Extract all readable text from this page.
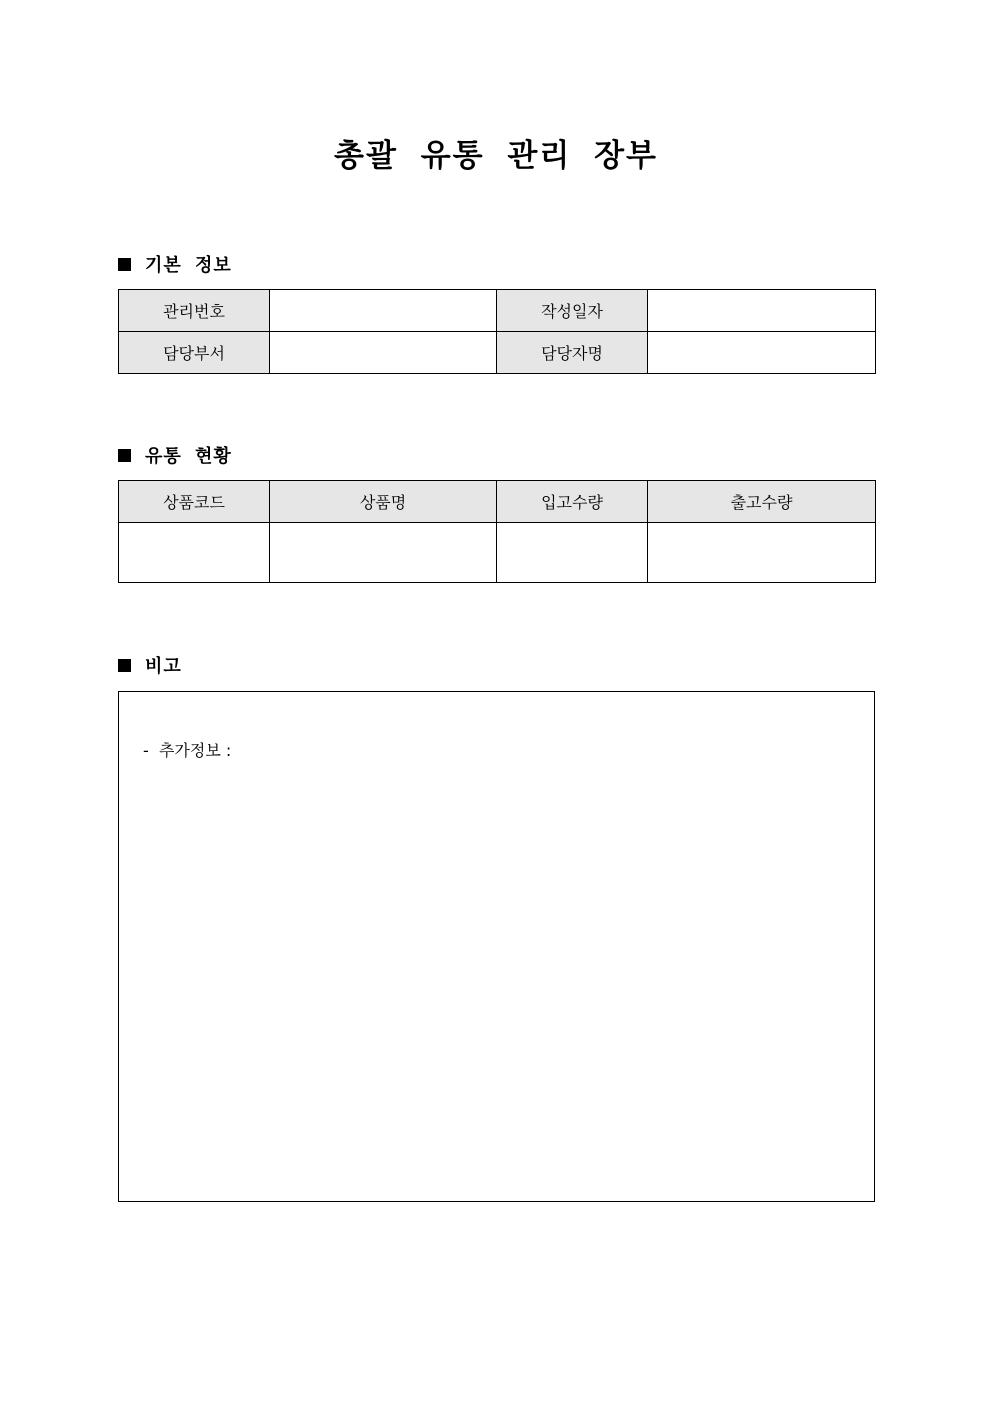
총괄 유통 관리 장부
기본 정보
관리번호		작성일자	
담당부서		담당자명	
유통 현황
상품코드	상품명	입고수량	출고수량

비고
-  추가정보 :
